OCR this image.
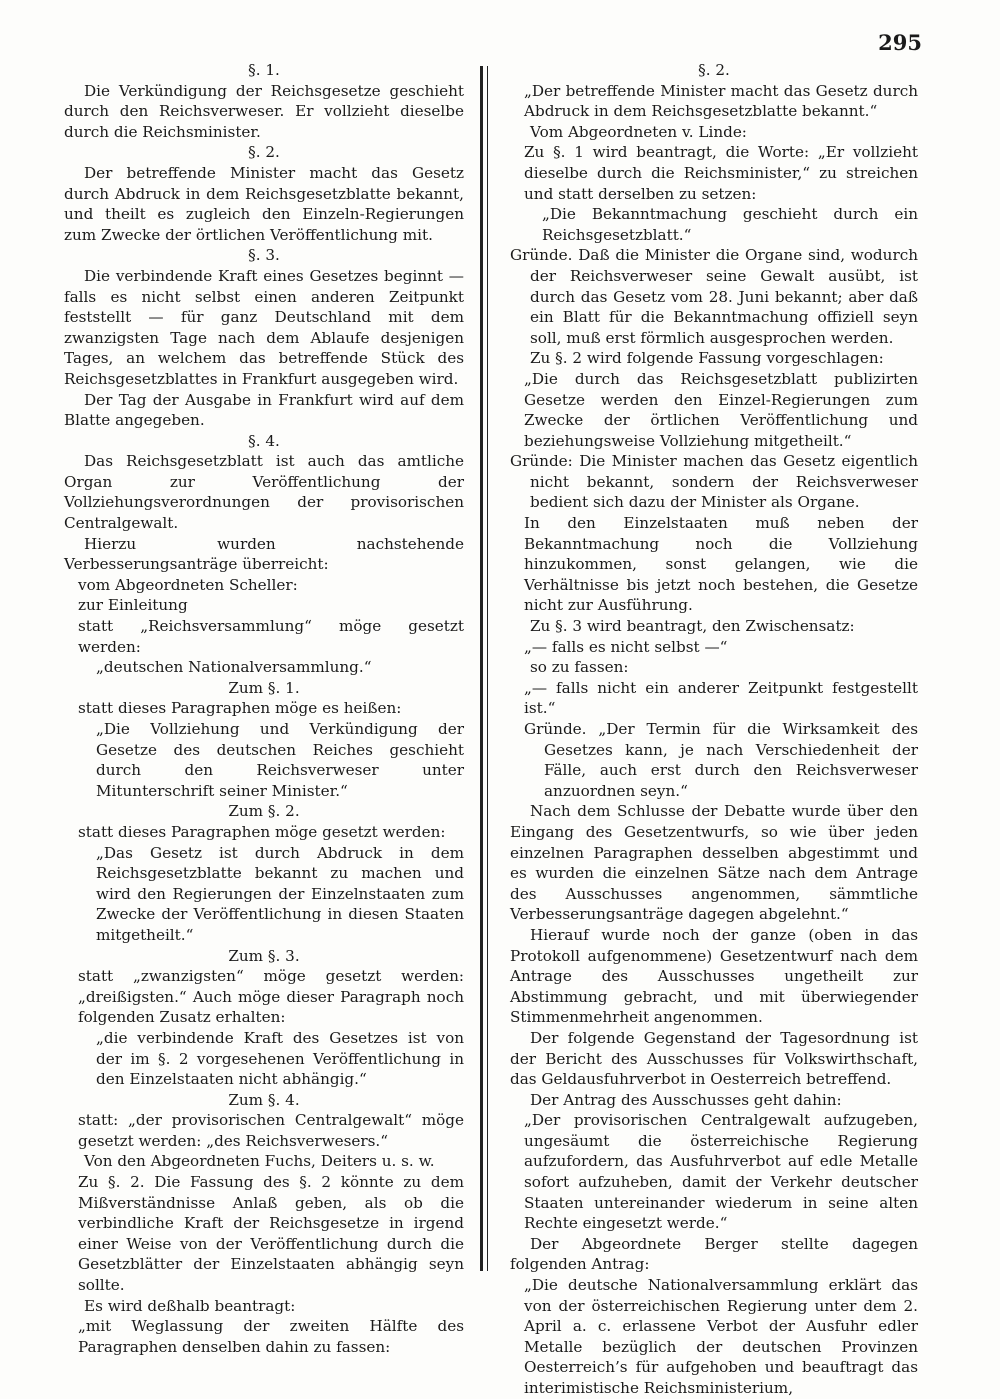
295

§. 1.

Die Verkündigung der Reichsgesetze geschieht durch den Reichsverweser. Er vollzieht dieselbe durch die Reichsminister.

§. 2.

Der betreffende Minister macht das Gesetz durch Abdruck in dem Reichsgesetzblatte bekannt, und theilt es zugleich den Einzeln-Regierungen zum Zwecke der örtlichen Veröffentlichung mit.

§. 3.

Die verbindende Kraft eines Gesetzes beginnt — falls es nicht selbst einen anderen Zeitpunkt feststellt — für ganz Deutschland mit dem zwanzigsten Tage nach dem Ablaufe desjenigen Tages, an welchem das betreffende Stück des Reichsgesetzblattes in Frankfurt ausgegeben wird.

Der Tag der Ausgabe in Frankfurt wird auf dem Blatte angegeben.

§. 4.

Das Reichsgesetzblatt ist auch das amtliche Organ zur Veröffentlichung der Vollziehungsverordnungen der provisorischen Centralgewalt.

Hierzu wurden nachstehende Verbesserungsanträge überreicht:

vom Abgeordneten Scheller:

zur Einleitung

statt „Reichsversammlung“ möge gesetzt werden:

„deutschen Nationalversammlung.“

Zum §. 1.

statt dieses Paragraphen möge es heißen:

„Die Vollziehung und Verkündigung der Gesetze des deutschen Reiches geschieht durch den Reichsverweser unter Mitunterschrift seiner Minister.“

Zum §. 2.

statt dieses Paragraphen möge gesetzt werden:

„Das Gesetz ist durch Abdruck in dem Reichsgesetzblatte bekannt zu machen und wird den Regierungen der Einzelnstaaten zum Zwecke der Veröffentlichung in diesen Staaten mitgetheilt.“

Zum §. 3.

statt „zwanzigsten“ möge gesetzt werden: „dreißigsten.“ Auch möge dieser Paragraph noch folgenden Zusatz erhalten:

„die verbindende Kraft des Gesetzes ist von der im §. 2 vorgesehenen Veröffentlichung in den Einzelstaaten nicht abhängig.“

Zum §. 4.

statt: „der provisorischen Centralgewalt“ möge gesetzt werden: „des Reichsverwesers.“

Von den Abgeordneten Fuchs, Deiters u. s. w.

Zu §. 2. Die Fassung des §. 2 könnte zu dem Mißverständnisse Anlaß geben, als ob die verbindliche Kraft der Reichsgesetze in irgend einer Weise von der Veröffentlichung durch die Gesetzblätter der Einzelstaaten abhängig seyn sollte.

Es wird deßhalb beantragt:

„mit Weglassung der zweiten Hälfte des Paragraphen denselben dahin zu fassen:

§. 2.

„Der betreffende Minister macht das Gesetz durch Abdruck in dem Reichsgesetzblatte bekannt.“

Vom Abgeordneten v. Linde:

Zu §. 1 wird beantragt, die Worte: „Er vollzieht dieselbe durch die Reichsminister,“ zu streichen und statt derselben zu setzen:

„Die Bekanntmachung geschieht durch ein Reichsgesetzblatt.“

Gründe. Daß die Minister die Organe sind, wodurch der Reichsverweser seine Gewalt ausübt, ist durch das Gesetz vom 28. Juni bekannt; aber daß ein Blatt für die Bekanntmachung offiziell seyn soll, muß erst förmlich ausgesprochen werden.

Zu §. 2 wird folgende Fassung vorgeschlagen:

„Die durch das Reichsgesetzblatt publizirten Gesetze werden den Einzel-Regierungen zum Zwecke der örtlichen Veröffentlichung und beziehungsweise Vollziehung mitgetheilt.“

Gründe: Die Minister machen das Gesetz eigentlich nicht bekannt, sondern der Reichsverweser bedient sich dazu der Minister als Organe.

In den Einzelstaaten muß neben der Bekanntmachung noch die Vollziehung hinzukommen, sonst gelangen, wie die Verhältnisse bis jetzt noch bestehen, die Gesetze nicht zur Ausführung.

Zu §. 3 wird beantragt, den Zwischensatz:

„— falls es nicht selbst —“

so zu fassen:

„— falls nicht ein anderer Zeitpunkt festgestellt ist.“

Gründe. „Der Termin für die Wirksamkeit des Gesetzes kann, je nach Verschiedenheit der Fälle, auch erst durch den Reichsverweser anzuordnen seyn.“

Nach dem Schlusse der Debatte wurde über den Eingang des Gesetzentwurfs, so wie über jeden einzelnen Paragraphen desselben abgestimmt und es wurden die einzelnen Sätze nach dem Antrage des Ausschusses angenommen, sämmtliche Verbesserungsanträge dagegen abgelehnt.“

Hierauf wurde noch der ganze (oben in das Protokoll aufgenommene) Gesetzentwurf nach dem Antrage des Ausschusses ungetheilt zur Abstimmung gebracht, und mit überwiegender Stimmenmehrheit angenommen.

Der folgende Gegenstand der Tagesordnung ist der Bericht des Ausschusses für Volkswirthschaft, das Geldausfuhrverbot in Oesterreich betreffend.

Der Antrag des Ausschusses geht dahin:

„Der provisorischen Centralgewalt aufzugeben, ungesäumt die österreichische Regierung aufzufordern, das Ausfuhrverbot auf edle Metalle sofort aufzuheben, damit der Verkehr deutscher Staaten untereinander wiederum in seine alten Rechte eingesetzt werde.“

Der Abgeordnete Berger stellte dagegen folgenden Antrag:

„Die deutsche Nationalversammlung erklärt das von der österreichischen Regierung unter dem 2. April a. c. erlassene Verbot der Ausfuhr edler Metalle bezüglich der deutschen Provinzen Oesterreich’s für aufgehoben und beauftragt das interimistische Reichsministerium,
